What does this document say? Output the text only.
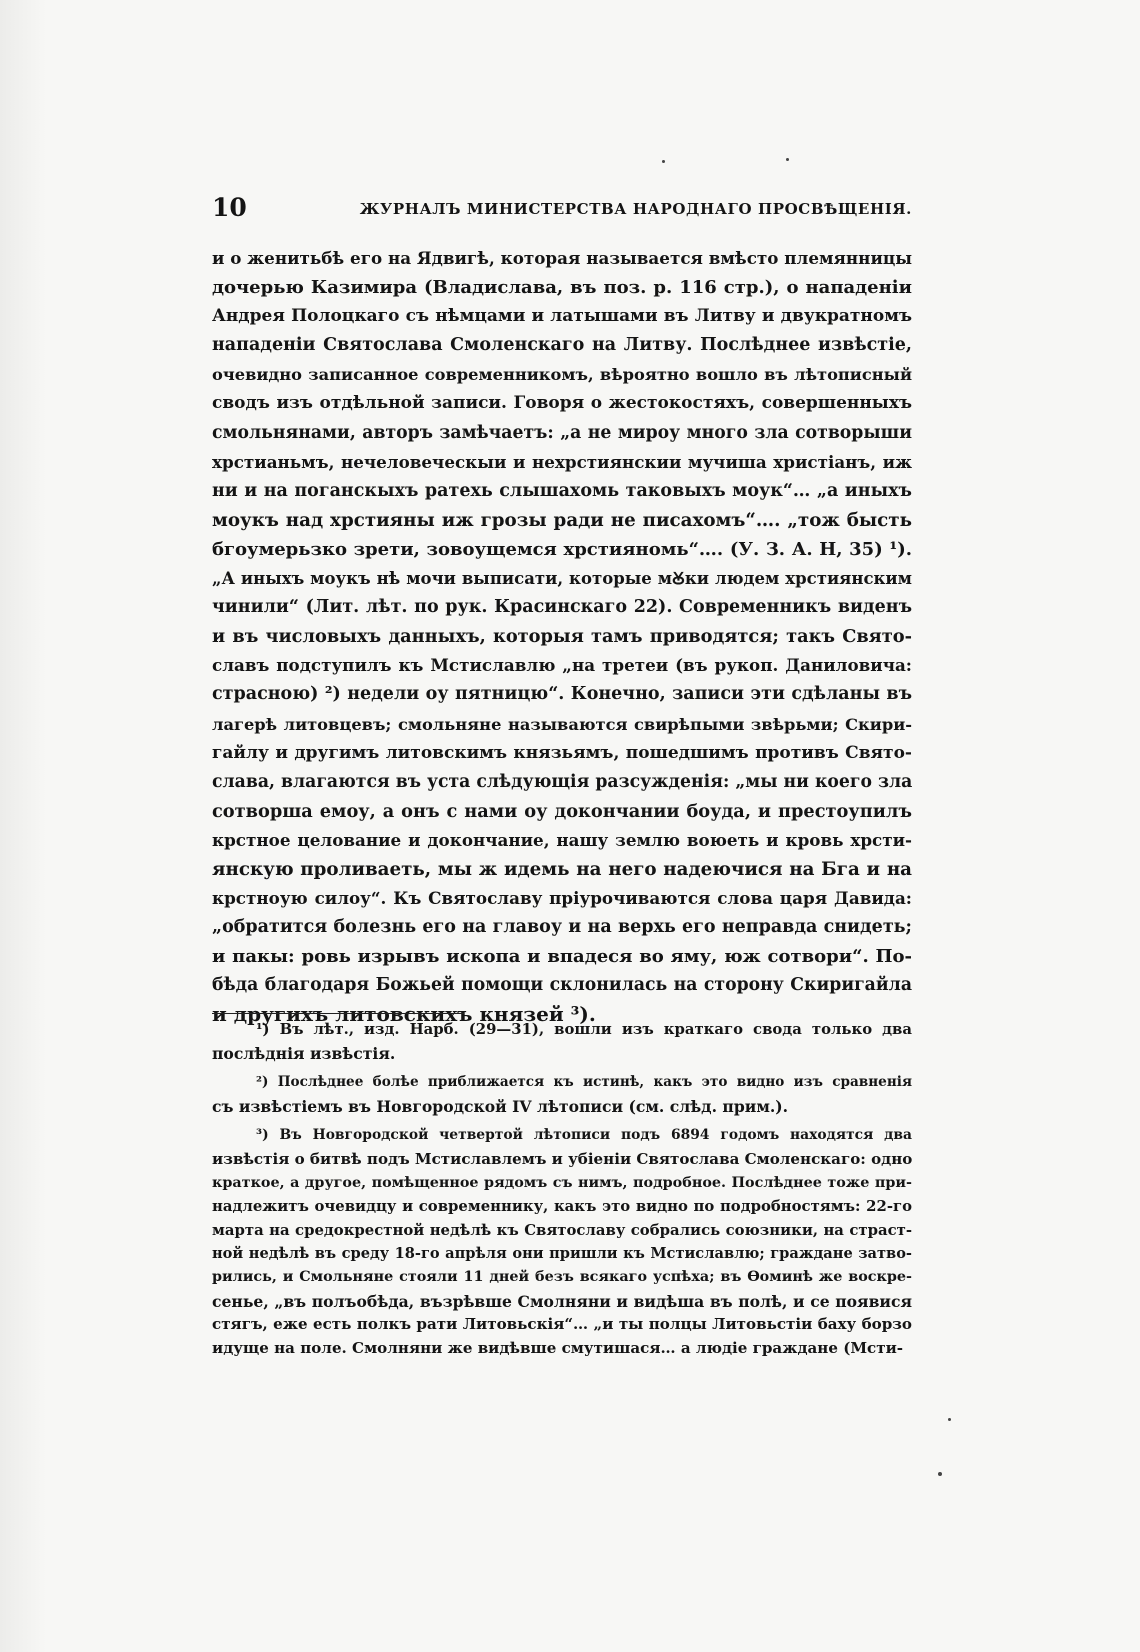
10	ЖУРНАЛЪ МИНИСТЕРСТВА НАРОДНАГО ПРОСВѢЩЕНІЯ.
и о женитьбѣ его на Ядвигѣ, которая называется вмѣсто племянницы
дочерью Казимира (Владислава, въ поз. р. 116 стр.), о нападеніи
Андрея Полоцкаго съ нѣмцами и латышами въ Литву и двукратномъ
нападеніи Святослава Смоленскаго на Литву. Послѣднее извѣстіе,
очевидно записанное современникомъ, вѣроятно вошло въ лѣтописный
сводъ изъ отдѣльной записи. Говоря о жестокостяхъ, совершенныхъ
смольнянами, авторъ замѣчаетъ: „а не мироу много зла сотворыши
хрстианьмъ, нечеловеческыи и нехрстиянскии мучиша христіанъ, иж
ни и на поганскыхъ ратехь слышахомь таковыхъ моук“… „а иныхъ
моукъ над хрстияны иж грозы ради не писахомъ“…. „тож бысть
бгоумерьзко зрети, зовоущемся хрстияномь“…. (У. З. А. Н, 35) ¹).
„А иныхъ моукъ нѣ мочи выписати, которые мꙊки людем хрстиянским
чинили“ (Лит. лѣт. по рук. Красинскаго 22). Современникъ виденъ
и въ числовыхъ данныхъ, которыя тамъ приводятся; такъ Свято-
славъ подступилъ къ Мстиславлю „на третеи (въ рукоп. Даниловича:
страсною) ²) недели оу пятницю“. Конечно, записи эти сдѣланы въ
лагерѣ литовцевъ; смольняне называются свирѣпыми звѣрьми; Скири-
гайлу и другимъ литовскимъ князьямъ, пошедшимъ противъ Свято-
слава, влагаются въ уста слѣдующія разсужденія: „мы ни коего зла
сотворша емоу, а онъ с нами оу докончании боуда, и престоупилъ
крстное целование и докончание, нашу землю воюеть и кровь хрсти-
янскую проливаеть, мы ж идемь на него надеючися на Бга и на
крстноую силоу“. Къ Святославу пріурочиваются слова царя Давида:
„обратится болезнь его на главоу и на верхь его неправда снидеть;
и пакы: ровь изрывъ ископа и впадеся во яму, юж сотвори“. По-
бѣда благодаря Божьей помощи склонилась на сторону Скиригайла
и другихъ литовскихъ князей ³).
¹) Въ лѣт., изд. Нарб. (29—31), вошли изъ краткаго свода только два
послѣднія извѣстія.
²) Послѣднее болѣе приближается къ истинѣ, какъ это видно изъ сравненія
съ извѣстіемъ въ Новгородской IV лѣтописи (см. слѣд. прим.).
³) Въ Новгородской четвертой лѣтописи подъ 6894 годомъ находятся два
извѣстія о битвѣ подъ Мстиславлемъ и убіеніи Святослава Смоленскаго: одно
краткое, а другое, помѣщенное рядомъ съ нимъ, подробное. Послѣднее тоже при-
надлежитъ очевидцу и современнику, какъ это видно по подробностямъ: 22-го
марта на средокрестной недѣлѣ къ Святославу собрались союзники, на страст-
ной недѣлѣ въ среду 18-го апрѣля они пришли къ Мстиславлю; граждане затво-
рились, и Смольняне стояли 11 дней безъ всякаго успѣха; въ Ѳоминѣ же воскре-
сенье, „въ полъобѣда, възрѣвше Смолняни и видѣша въ полѣ, и се появися
стягъ, еже есть полкъ рати Литовьскія“… „и ты полцы Литовьстіи баху борзо
идуще на поле. Смолняни же видѣвше смутишася… а людіе граждане (Мсти-
